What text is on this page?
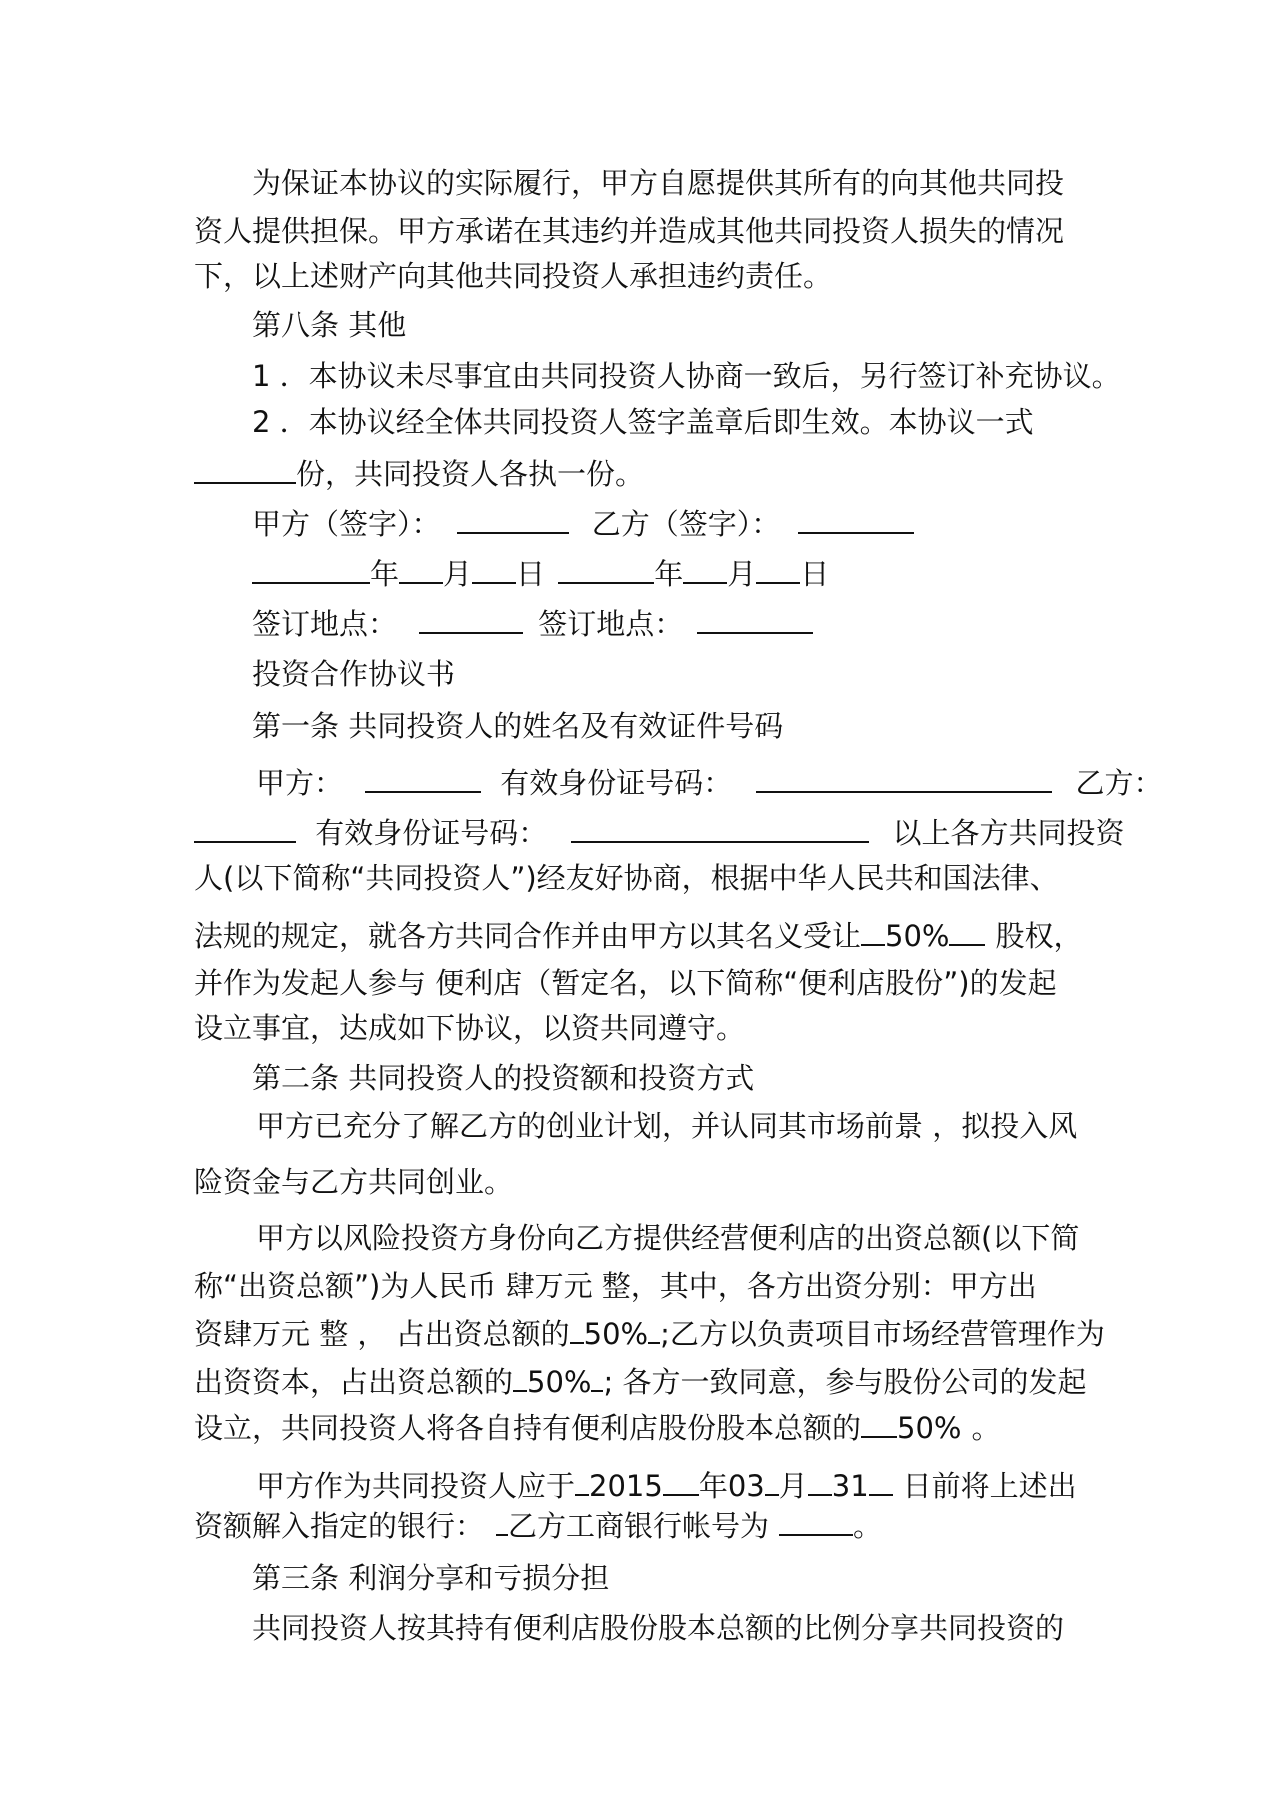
为保证本协议的实际履行，甲方自愿提供其所有的向其他共同投
资人提供担保。甲方承诺在其违约并造成其他共同投资人损失的情况
下，以上述财产向其他共同投资人承担违约责任。
第八条 其他
1 ．本协议未尽事宜由共同投资人协商一致后，另行签订补充协议。
2 ．本协议经全体共同投资人签字盖章后即生效。本协议一式
份，共同投资人各执一份。
甲方（签字）：	乙方（签字）：
年 月 日	年 月 日
签订地点：	签订地点：
投资合作协议书
第一条 共同投资人的姓名及有效证件号码
甲方：	有效身份证号码：	乙方：
有效身份证号码：	以上各方共同投资
人(以下简称“共同投资人”)经友好协商，根据中华人民共和国法律、
法规的规定，就各方共同合作并由甲方以其名义受让 50% 股权，
并作为发起人参与 便利店（暂定名，以下简称“便利店股份”)的发起
设立事宜，达成如下协议，以资共同遵守。
第二条 共同投资人的投资额和投资方式
甲方已充分了解乙方的创业计划，并认同其市场前景 ，拟投入风
险资金与乙方共同创业。
甲方以风险投资方身份向乙方提供经营便利店的出资总额(以下简
称“出资总额”)为人民币 肆万元 整，其中，各方出资分别：甲方出
资肆万元 整 ， 占出资总额的 50% ;乙方以负责项目市场经营管理作为
出资资本，占出资总额的 50% ; 各方一致同意，参与股份公司的发起
设立，共同投资人将各自持有便利店股份股本总额的 50% 。
甲方作为共同投资人应于 2015 年03 月 31 日前将上述出
资额解入指定的银行： 乙方工商银行帐号为	。
第三条 利润分享和亏损分担
共同投资人按其持有便利店股份股本总额的比例分享共同投资的
